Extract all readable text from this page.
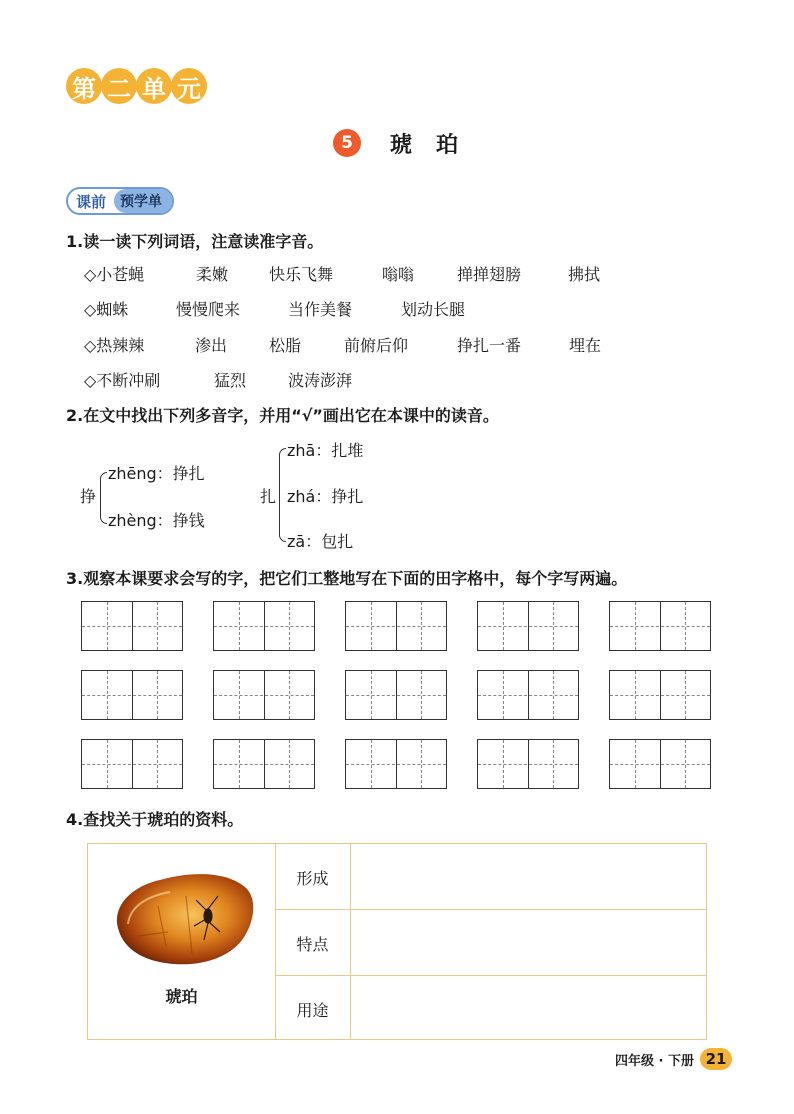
第 二 单 元
5	琥珀
课前	预学单
1.读一读下列词语，注意读准字音。
◇小苍蝇	柔嫩	快乐飞舞	嗡嗡	掸掸翅膀	拂拭
◇蜘蛛	慢慢爬来	当作美餐	划动长腿
◇热辣辣	渗出	松脂	前俯后仰	挣扎一番	埋在
◇不断冲刷	猛烈	波涛澎湃
2.在文中找出下列多音字，并用“√”画出它在本课中的读音。
挣
zhēng：挣扎
zhèng：挣钱
扎
zhā：扎堆
zhá：挣扎
zā：包扎
3.观察本课要求会写的字，把它们工整地写在下面的田字格中，每个字写两遍。
4.查找关于琥珀的资料。
形成
特点
用途
琥珀
四年级 · 下册 21
